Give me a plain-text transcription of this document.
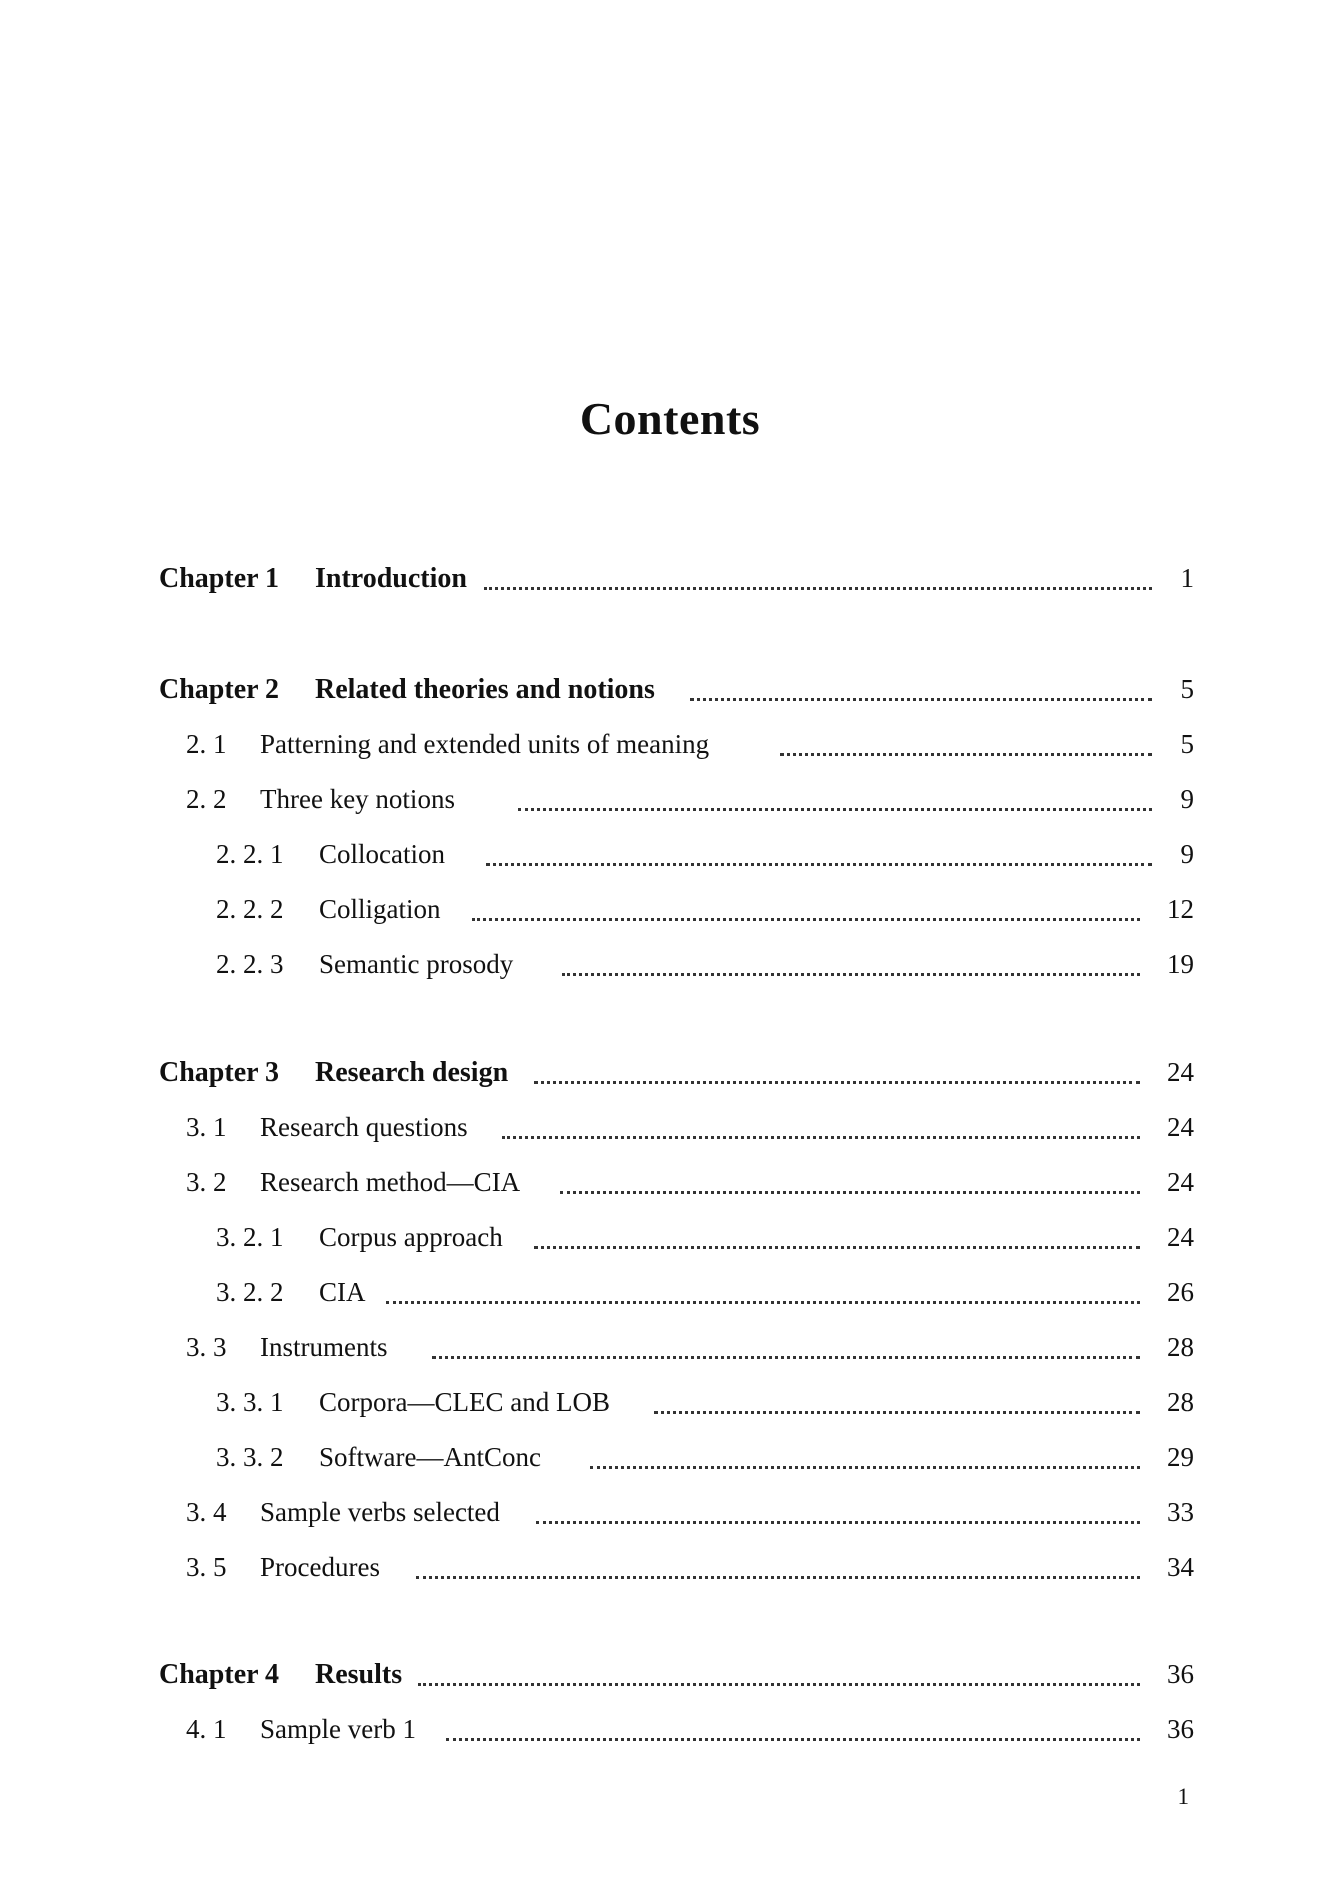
Contents
Chapter 1 Introduction	1
Chapter 2 Related theories and notions	5
2. 1 Patterning and extended units of meaning	5
2. 2 Three key notions	9
2. 2. 1 Collocation	9
2. 2. 2 Colligation	12
2. 2. 3 Semantic prosody	19
Chapter 3 Research design	24
3. 1 Research questions	24
3. 2 Research method—CIA	24
3. 2. 1 Corpus approach	24
3. 2. 2 CIA	26
3. 3 Instruments	28
3. 3. 1 Corpora—CLEC and LOB	28
3. 3. 2 Software—AntConc	29
3. 4 Sample verbs selected	33
3. 5 Procedures	34
Chapter 4 Results	36
4. 1 Sample verb 1	36
1
